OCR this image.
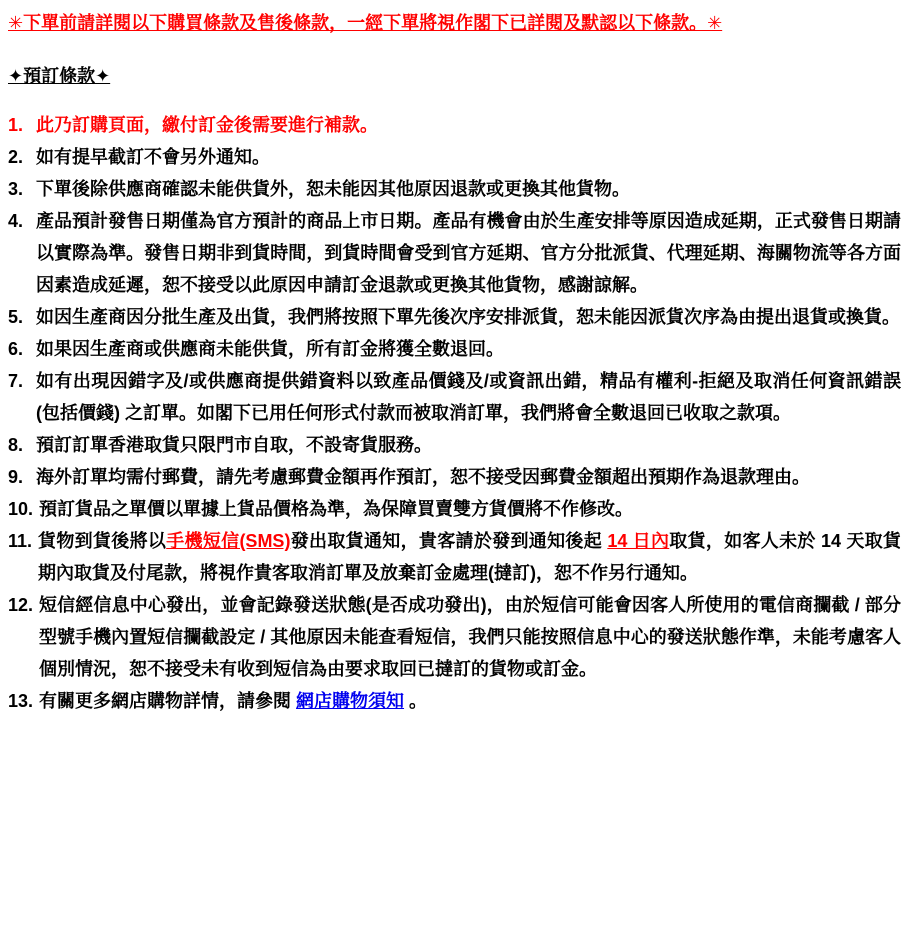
✳下單前請詳閱以下購買條款及售後條款，一經下單將視作閣下已詳閱及默認以下條款。✳
✦預訂條款✦
1. 此乃訂購頁面，繳付訂金後需要進行補款。
2. 如有提早截訂不會另外通知。
3. 下單後除供應商確認未能供貨外，恕未能因其他原因退款或更換其他貨物。
4. 產品預計發售日期僅為官方預計的商品上市日期。產品有機會由於生產安排等原因造成延期，正式發售日期請以實際為準。發售日期非到貨時間，到貨時間會受到官方延期、官方分批派貨、代理延期、海關物流等各方面因素造成延遲，恕不接受以此原因申請訂金退款或更換其他貨物，感謝諒解。
5. 如因生產商因分批生產及出貨，我們將按照下單先後次序安排派貨，恕未能因派貨次序為由提出退貨或換貨。
6. 如果因生產商或供應商未能供貨，所有訂金將獲全數退回。
7. 如有出現因錯字及/或供應商提供錯資料以致產品價錢及/或資訊出錯，精品有權利-拒絕及取消任何資訊錯誤(包括價錢) 之訂單。如閣下已用任何形式付款而被取消訂單，我們將會全數退回已收取之款項。
8. 預訂訂單香港取貨只限門市自取，不設寄貨服務。
9. 海外訂單均需付郵費，請先考慮郵費金額再作預訂，恕不接受因郵費金額超出預期作為退款理由。
10. 預訂貨品之單價以單據上貨品價格為準，為保障買賣雙方貨價將不作修改。
11. 貨物到貨後將以手機短信(SMS)發出取貨通知，貴客請於發到通知後起 14 日內取貨，如客人未於 14 天取貨期內取貨及付尾款，將視作貴客取消訂單及放棄訂金處理(撻訂)，恕不作另行通知。
12. 短信經信息中心發出，並會記錄發送狀態(是否成功發出)，由於短信可能會因客人所使用的電信商攔截 / 部分型號手機內置短信攔截設定 / 其他原因未能查看短信，我們只能按照信息中心的發送狀態作準，未能考慮客人個別情況，恕不接受未有收到短信為由要求取回已撻訂的貨物或訂金。
13. 有關更多網店購物詳情，請參閱 網店購物須知 。
